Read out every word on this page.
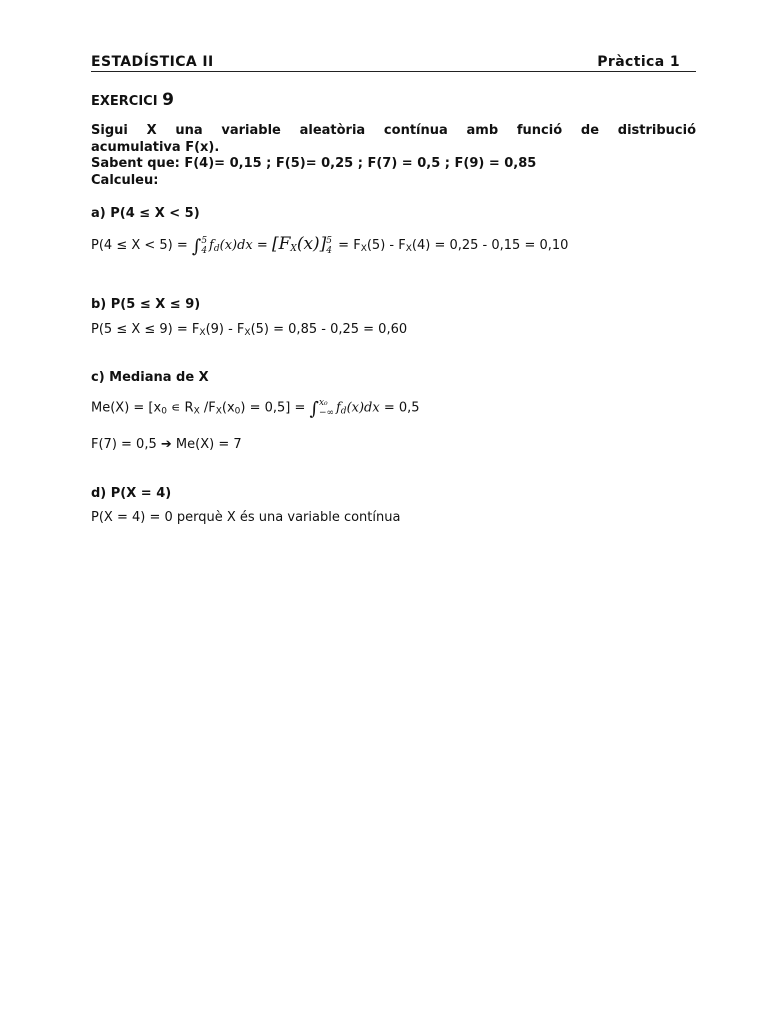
ESTADÍSTICA II	Pràctica 1
EXERCICI 9
Sigui X una variable aleatòria contínua amb funció de distribució
acumulativa F(x).
Sabent que: F(4)= 0,15 ; F(5)= 0,25 ; F(7) = 0,5 ; F(9) = 0,85
Calculeu:
a) P(4 ≤ X < 5)
P(4 ≤ X < 5) = ∫ 5
4 fd(x)dx = [FX(x)] 5
4 = FX(5) - FX(4) = 0,25 - 0,15 = 0,10
b) P(5 ≤ X ≤ 9)
P(5 ≤ X ≤ 9) = FX(9) - FX(5) = 0,85 - 0,25 = 0,60
c) Mediana de X
Me(X) = [x0 ∊ RX /FX(x0) = 0,5] = ∫ x₀
−∞ fd(x)dx = 0,5
F(7) = 0,5 ➔ Me(X) = 7
d) P(X = 4)
P(X = 4) = 0 perquè X és una variable contínua
